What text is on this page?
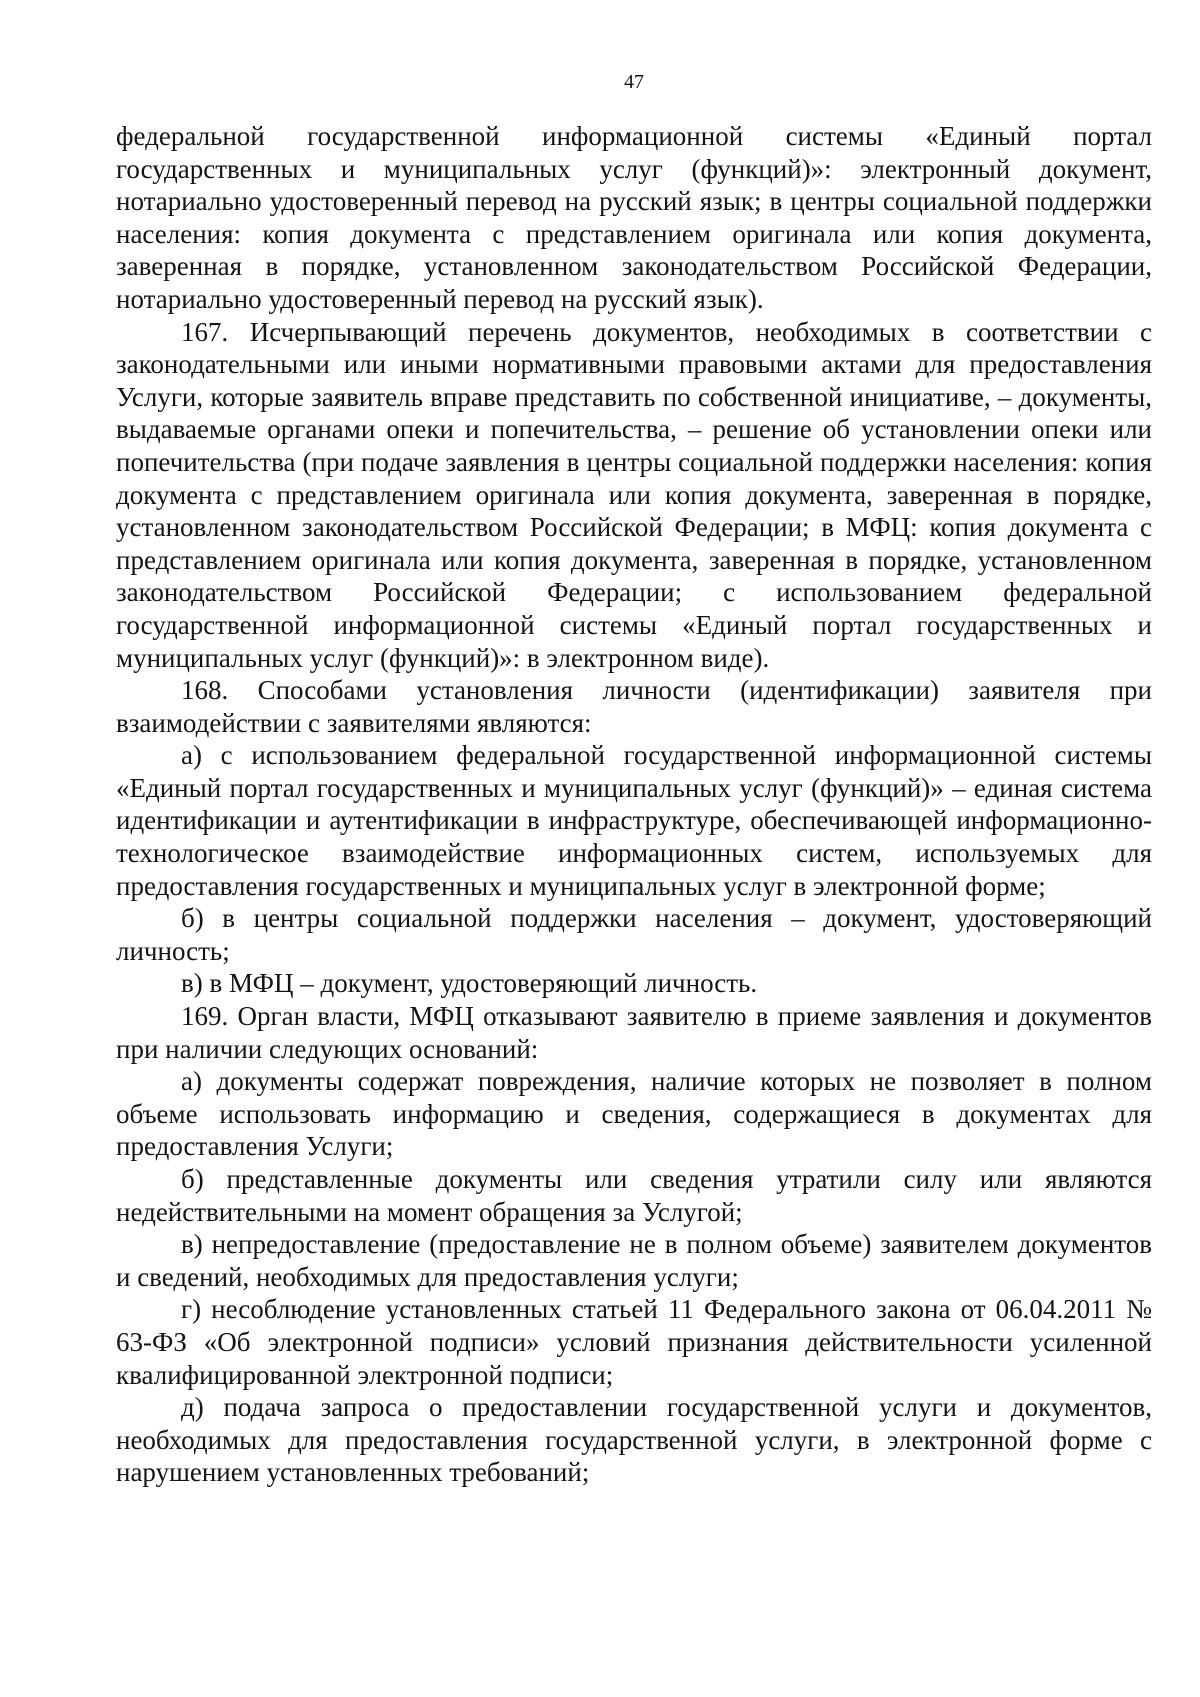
47

федеральной государственной информационной системы «Единый портал государственных и муниципальных услуг (функций)»: электронный документ, нотариально удостоверенный перевод на русский язык; в центры социальной поддержки населения: копия документа с представлением оригинала или копия документа, заверенная в порядке, установленном законодательством Российской Федерации, нотариально удостоверенный перевод на русский язык).

167. Исчерпывающий перечень документов, необходимых в соответствии с законодательными или иными нормативными правовыми актами для предоставления Услуги, которые заявитель вправе представить по собственной инициативе, – документы, выдаваемые органами опеки и попечительства, – решение об установлении опеки или попечительства (при подаче заявления в центры социальной поддержки населения: копия документа с представлением оригинала или копия документа, заверенная в порядке, установленном законодательством Российской Федерации; в МФЦ: копия документа с представлением оригинала или копия документа, заверенная в порядке, установленном законодательством Российской Федерации; с использованием федеральной государственной информационной системы «Единый портал государственных и муниципальных услуг (функций)»: в электронном виде).

168. Способами установления личности (идентификации) заявителя при взаимодействии с заявителями являются:

а) с использованием федеральной государственной информационной системы «Единый портал государственных и муниципальных услуг (функций)» – единая система идентификации и аутентификации в инфраструктуре, обеспечивающей информационно-технологическое взаимодействие информационных систем, используемых для предоставления государственных и муниципальных услуг в электронной форме;

б) в центры социальной поддержки населения – документ, удостоверяющий личность;

в) в МФЦ – документ, удостоверяющий личность.

169. Орган власти, МФЦ отказывают заявителю в приеме заявления и документов при наличии следующих оснований:

а) документы содержат повреждения, наличие которых не позволяет в полном объеме использовать информацию и сведения, содержащиеся в документах для предоставления Услуги;

б) представленные документы или сведения утратили силу или являются недействительными на момент обращения за Услугой;

в) непредоставление (предоставление не в полном объеме) заявителем документов и сведений, необходимых для предоставления услуги;

г) несоблюдение установленных статьей 11 Федерального закона от 06.04.2011 № 63-ФЗ «Об электронной подписи» условий признания действительности усиленной квалифицированной электронной подписи;

д) подача запроса о предоставлении государственной услуги и документов, необходимых для предоставления государственной услуги, в электронной форме с нарушением установленных требований;
